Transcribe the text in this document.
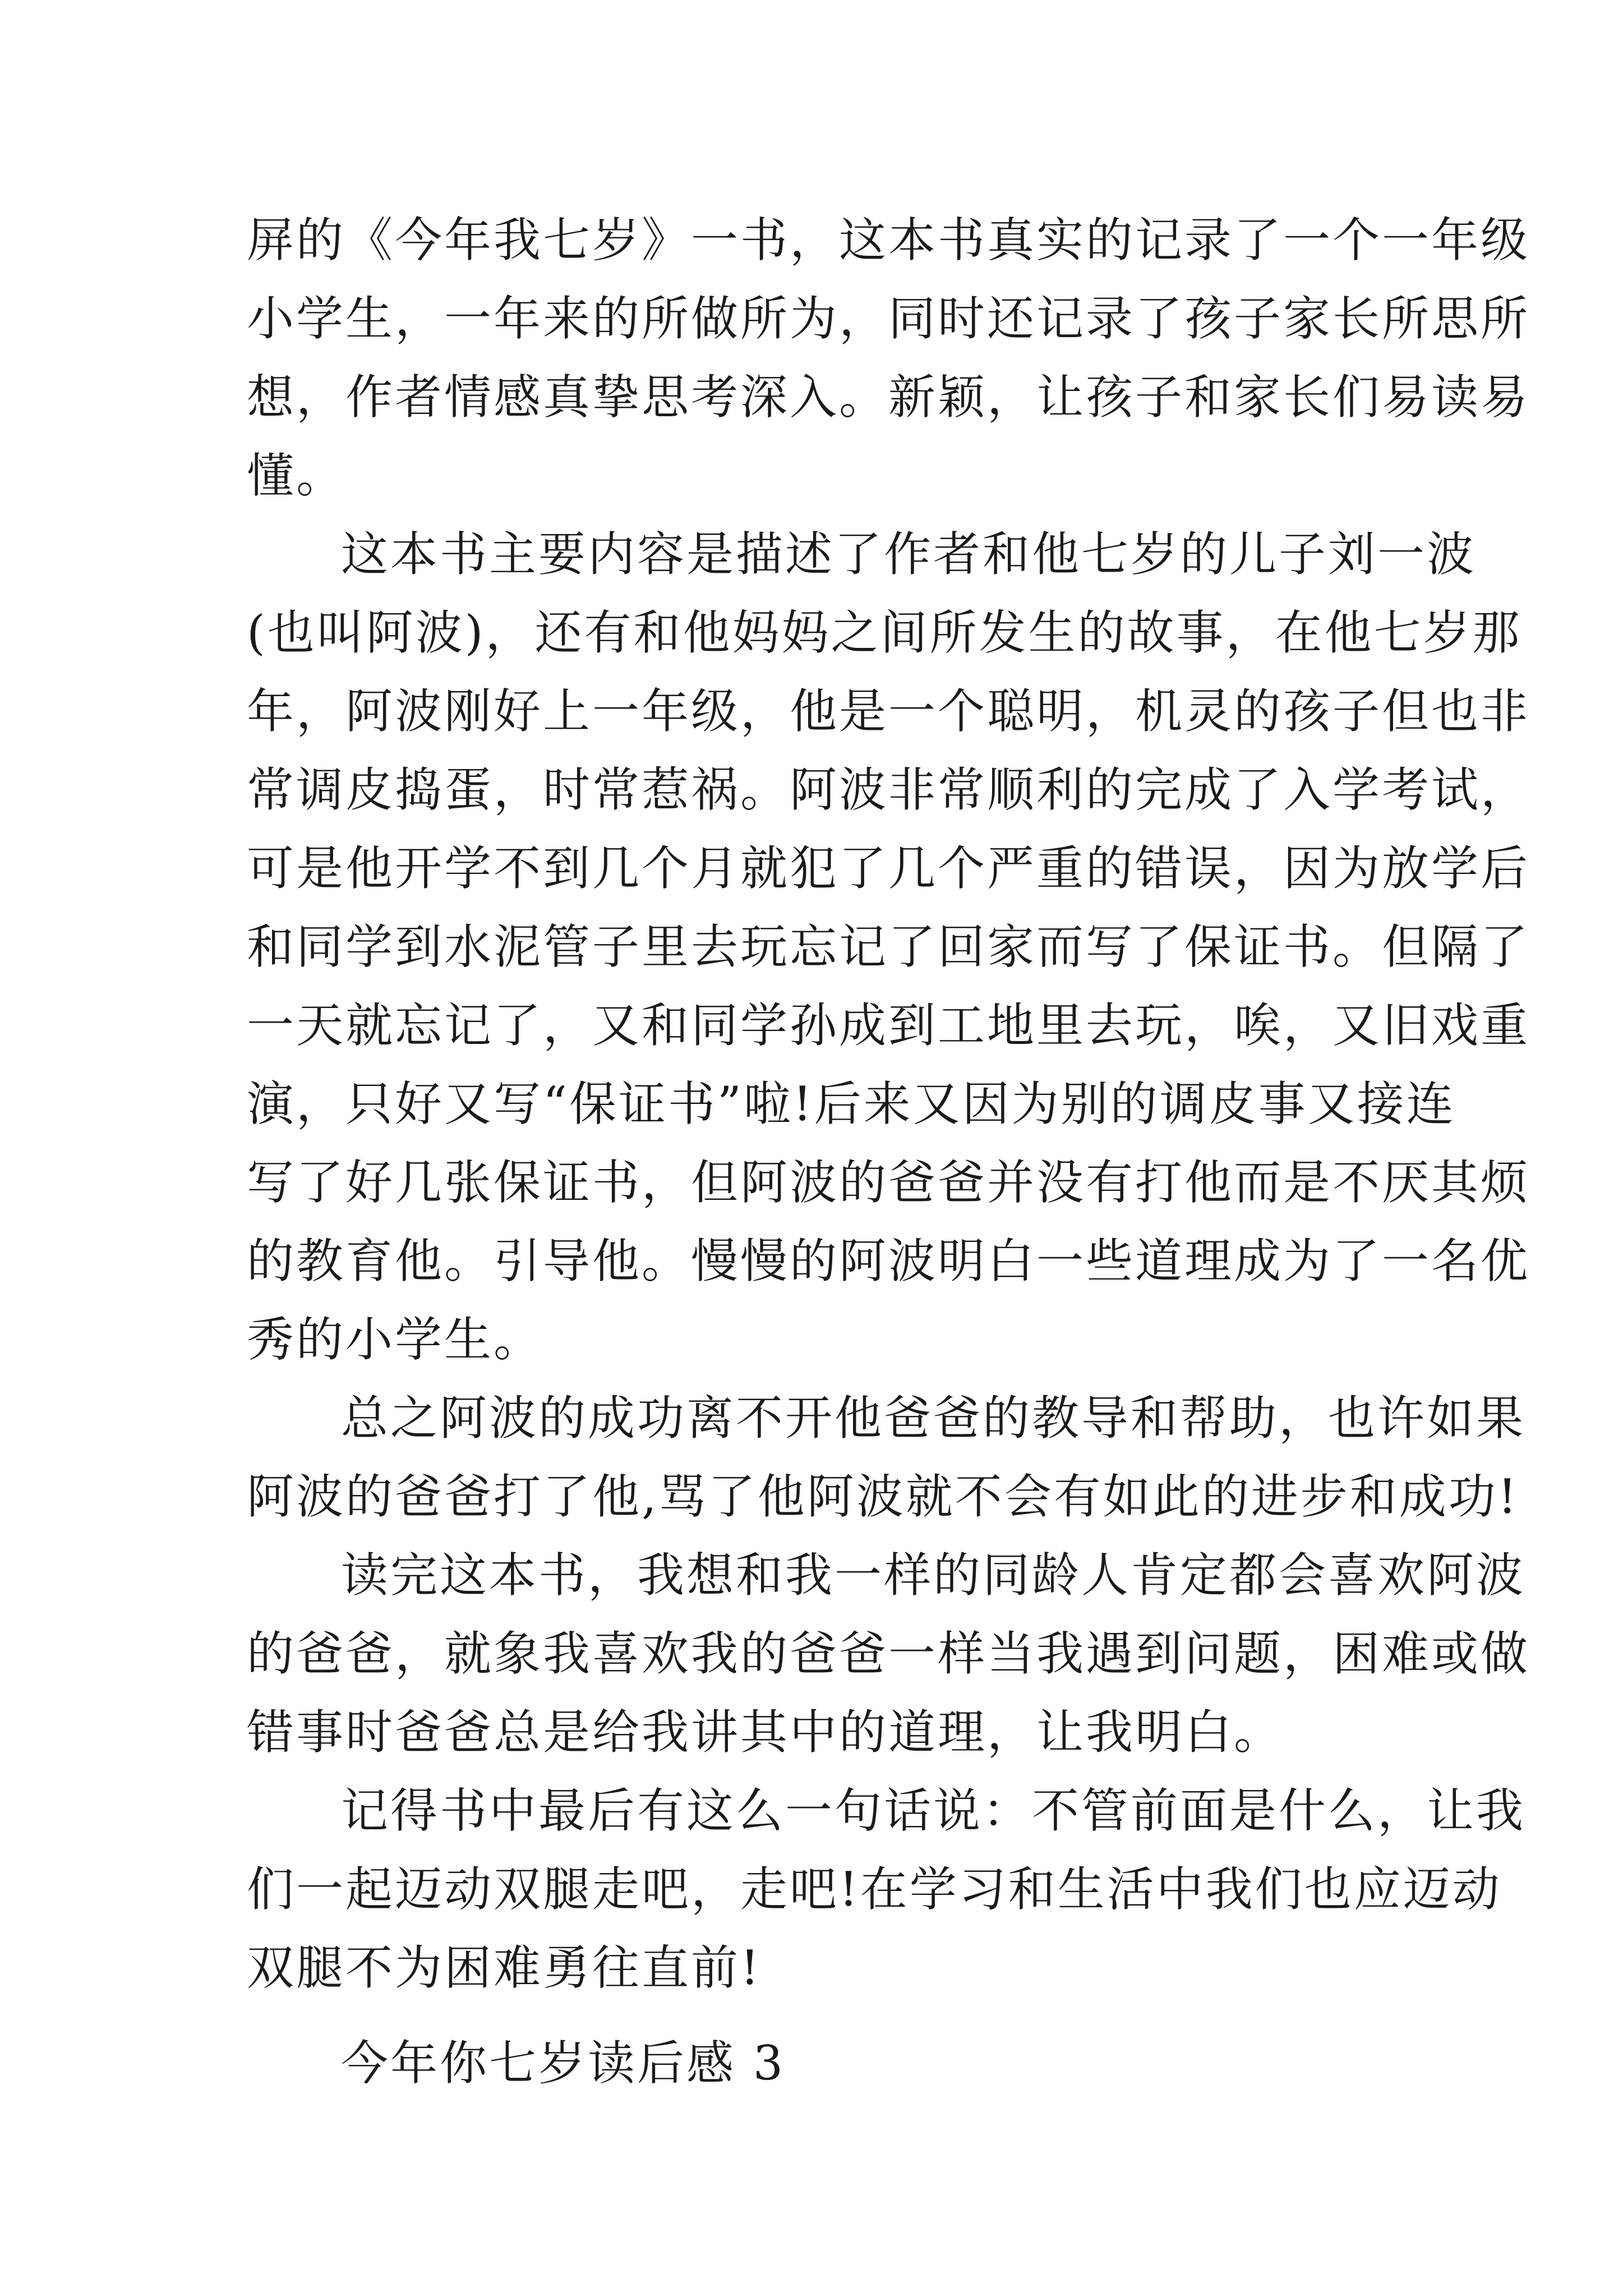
屏的《今年我七岁》一书，这本书真实的记录了一个一年级
小学生，一年来的所做所为，同时还记录了孩子家长所思所
想，作者情感真挚思考深入。新颖，让孩子和家长们易读易
懂。
这本书主要内容是描述了作者和他七岁的儿子刘一波
(也叫阿波)，还有和他妈妈之间所发生的故事，在他七岁那
年，阿波刚好上一年级，他是一个聪明，机灵的孩子但也非
常调皮捣蛋，时常惹祸。阿波非常顺利的完成了入学考试，
可是他开学不到几个月就犯了几个严重的错误，因为放学后
和同学到水泥管子里去玩忘记了回家而写了保证书。但隔了
一天就忘记了，又和同学孙成到工地里去玩，唉，又旧戏重
演，只好又写“保证书”啦!后来又因为别的调皮事又接连
写了好几张保证书，但阿波的爸爸并没有打他而是不厌其烦
的教育他。引导他。慢慢的阿波明白一些道理成为了一名优
秀的小学生。
总之阿波的成功离不开他爸爸的教导和帮助，也许如果
阿波的爸爸打了他,骂了他阿波就不会有如此的进步和成功!
读完这本书，我想和我一样的同龄人肯定都会喜欢阿波
的爸爸，就象我喜欢我的爸爸一样当我遇到问题，困难或做
错事时爸爸总是给我讲其中的道理，让我明白。
记得书中最后有这么一句话说：不管前面是什么，让我
们一起迈动双腿走吧，走吧!在学习和生活中我们也应迈动
双腿不为困难勇往直前!
今年你七岁读后感 3
